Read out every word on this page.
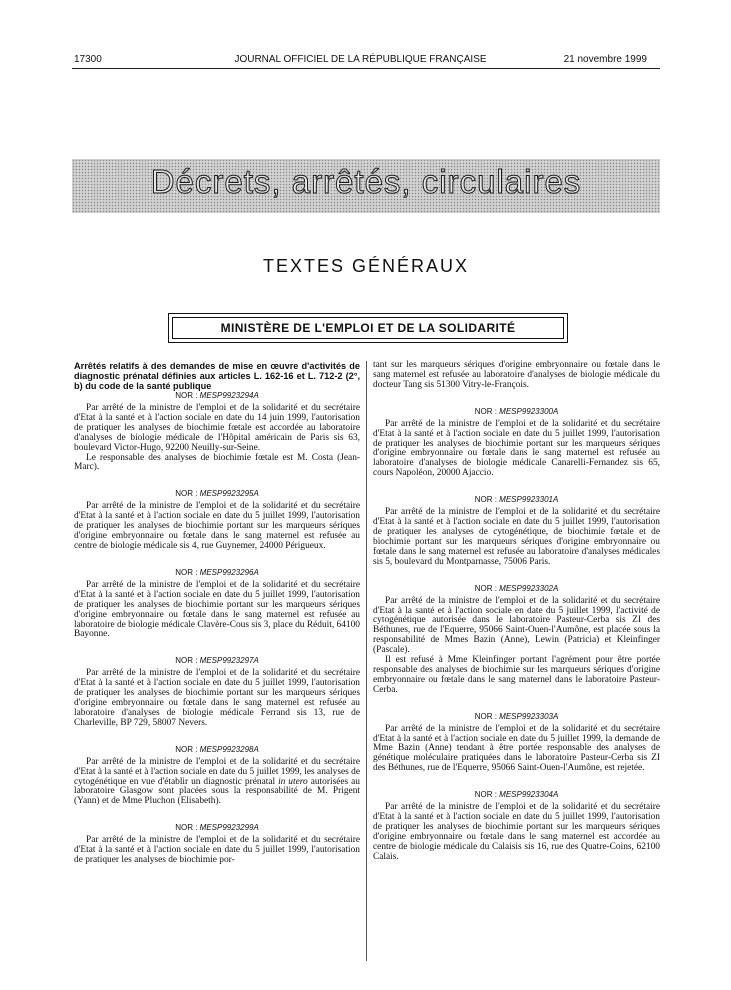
17300	JOURNAL OFFICIEL DE LA RÉPUBLIQUE FRANÇAISE	21 novembre 1999
Décrets, arrêtés, circulaires
TEXTES GÉNÉRAUX
MINISTÈRE DE L'EMPLOI ET DE LA SOLIDARITÉ

Arrêtés relatifs à des demandes de mise en œuvre d'activités de diagnostic prénatal définies aux articles L. 162-16 et L. 712-2 (2°, b) du code de la santé publique

NOR : MESP9923294A

Par arrêté de la ministre de l'emploi et de la solidarité et du secrétaire d'Etat à la santé et à l'action sociale en date du 14 juin 1999, l'autorisation de pratiquer les analyses de biochimie fœtale est accordée au laboratoire d'analyses de biologie médicale de l'Hôpital américain de Paris sis 63, boulevard Victor-Hugo, 92200 Neuilly-sur-Seine.

Le responsable des analyses de biochimie fœtale est M. Costa (Jean-Marc).

NOR : MESP9923295A

Par arrêté de la ministre de l'emploi et de la solidarité et du secrétaire d'Etat à la santé et à l'action sociale en date du 5 juillet 1999, l'autorisation de pratiquer les analyses de biochimie portant sur les marqueurs sériques d'origine embryonnaire ou fœtale dans le sang maternel est refusée au centre de biologie médicale sis 4, rue Guynemer, 24000 Périgueux.

NOR : MESP9923296A

Par arrêté de la ministre de l'emploi et de la solidarité et du secrétaire d'Etat à la santé et à l'action sociale en date du 5 juillet 1999, l'autorisation de pratiquer les analyses de biochimie portant sur les marqueurs sériques d'origine embryonnaire ou fœtale dans le sang maternel est refusée au laboratoire de biologie médicale Clavère-Cous sis 3, place du Réduit, 64100 Bayonne.

NOR : MESP9923297A

Par arrêté de la ministre de l'emploi et de la solidarité et du secrétaire d'Etat à la santé et à l'action sociale en date du 5 juillet 1999, l'autorisation de pratiquer les analyses de biochimie portant sur les marqueurs sériques d'origine embryonnaire ou fœtale dans le sang maternel est refusée au laboratoire d'analyses de biologie médicale Ferrand sis 13, rue de Charleville, BP 729, 58007 Nevers.

NOR : MESP9923298A

Par arrêté de la ministre de l'emploi et de la solidarité et du secrétaire d'Etat à la santé et à l'action sociale en date du 5 juillet 1999, les analyses de cytogénétique en vue d'établir un diagnostic prénatal in utero autorisées au laboratoire Glasgow sont placées sous la responsabilité de M. Prigent (Yann) et de Mme Pluchon (Elisabeth).

NOR : MESP9923299A

Par arrêté de la ministre de l'emploi et de la solidarité et du secrétaire d'Etat à la santé et à l'action sociale en date du 5 juillet 1999, l'autorisation de pratiquer les analyses de biochimie por-

tant sur les marqueurs sériques d'origine embryonnaire ou fœtale dans le sang maternel est refusée au laboratoire d'analyses de biologie médicale du docteur Tang sis 51300 Vitry-le-François.

NOR : MESP9923300A

Par arrêté de la ministre de l'emploi et de la solidarité et du secrétaire d'Etat à la santé et à l'action sociale en date du 5 juillet 1999, l'autorisation de pratiquer les analyses de biochimie portant sur les marqueurs sériques d'origine embryonnaire ou fœtale dans le sang maternel est refusée au laboratoire d'analyses de biologie médicale Canarelli-Fernandez sis 65, cours Napoléon, 20000 Ajaccio.

NOR : MESP9923301A

Par arrêté de la ministre de l'emploi et de la solidarité et du secrétaire d'Etat à la santé et à l'action sociale en date du 5 juillet 1999, l'autorisation de pratiquer les analyses de cytogénétique, de biochimie fœtale et de biochimie portant sur les marqueurs sériques d'origine embryonnaire ou fœtale dans le sang maternel est refusée au laboratoire d'analyses médicales sis 5, boulevard du Montparnasse, 75006 Paris.

NOR : MESP9923302A

Par arrêté de la ministre de l'emploi et de la solidarité et du secrétaire d'Etat à la santé et à l'action sociale en date du 5 juillet 1999, l'activité de cytogénétique autorisée dans le laboratoire Pasteur-Cerba sis ZI des Béthunes, rue de l'Equerre, 95066 Saint-Ouen-l'Aumône, est placée sous la responsabilité de Mmes Bazin (Anne), Lewin (Patricia) et Kleinfinger (Pascale).

Il est refusé à Mme Kleinfinger portant l'agrément pour être portée responsable des analyses de biochimie sur les marqueurs sériques d'origine embryonnaire ou fœtale dans le sang maternel dans le laboratoire Pasteur-Cerba.

NOR : MESP9923303A

Par arrêté de la ministre de l'emploi et de la solidarité et du secrétaire d'Etat à la santé et à l'action sociale en date du 5 juillet 1999, la demande de Mme Bazin (Anne) tendant à être portée responsable des analyses de génétique moléculaire pratiquées dans le laboratoire Pasteur-Cerba sis ZI des Béthunes, rue de l'Equerre, 95066 Saint-Ouen-l'Aumône, est rejetée.

NOR : MESP9923304A

Par arrêté de la ministre de l'emploi et de la solidarité et du secrétaire d'Etat à la santé et à l'action sociale en date du 5 juillet 1999, l'autorisation de pratiquer les analyses de biochimie portant sur les marqueurs sériques d'origine embryonnaire ou fœtale dans le sang maternel est accordée au centre de biologie médicale du Calaisis sis 16, rue des Quatre-Coins, 62100 Calais.
